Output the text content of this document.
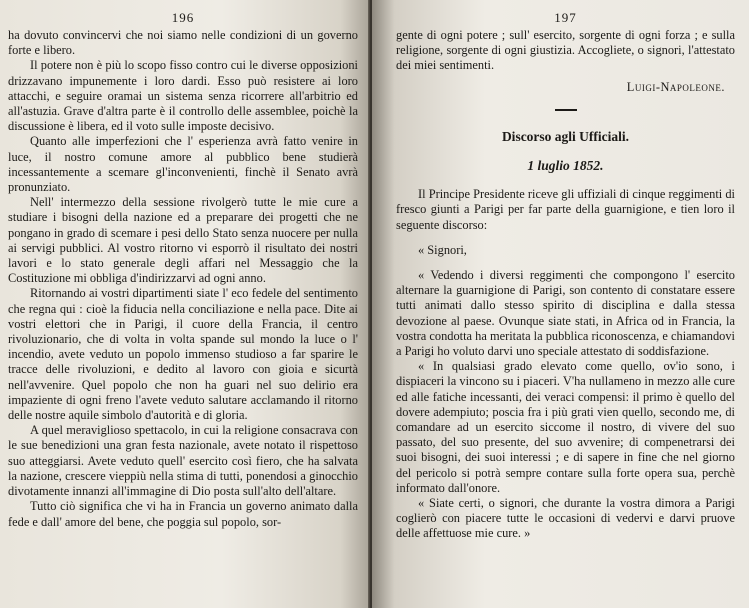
196

ha dovuto convincervi che noi siamo nelle condizioni di un governo forte e libero.

Il potere non è più lo scopo fisso contro cui le diverse opposizioni drizzavano impunemente i loro dardi. Esso può resistere ai loro attacchi, e seguire oramai un sistema senza ricorrere all'arbitrio ed all'astuzia. Grave d'altra parte è il controllo delle assemblee, poichè la discussione è libera, ed il voto sulle imposte decisivo.

Quanto alle imperfezioni che l' esperienza avrà fatto venire in luce, il nostro comune amore al pubblico bene studierà incessantemente a scemare gl'inconvenienti, finchè il Senato avrà pronunziato.

Nell' intermezzo della sessione rivolgerò tutte le mie cure a studiare i bisogni della nazione ed a preparare dei progetti che ne pongano in grado di scemare i pesi dello Stato senza nuocere per nulla ai servigi pubblici. Al vostro ritorno vi esporrò il risultato dei nostri lavori e lo stato generale degli affari nel Messaggio che la Costituzione mi obbliga d'indirizzarvi ad ogni anno.

Ritornando ai vostri dipartimenti siate l' eco fedele del sentimento che regna qui : cioè la fiducia nella conciliazione e nella pace. Dite ai vostri elettori che in Parigi, il cuore della Francia, il centro rivoluzionario, che di volta in volta spande sul mondo la luce o l' incendio, avete veduto un popolo immenso studioso a far sparire le tracce delle rivoluzioni, e dedito al lavoro con gioia e sicurtà nell'avvenire. Quel popolo che non ha guari nel suo delirio era impaziente di ogni freno l'avete veduto salutare acclamando il ritorno delle nostre aquile simbolo d'autorità e di gloria.

A quel meraviglioso spettacolo, in cui la religione consacrava con le sue benedizioni una gran festa nazionale, avete notato il rispettoso suo atteggiarsi. Avete veduto quell' esercito così fiero, che ha salvata la nazione, crescere vieppiù nella stima di tutti, ponendosi a ginocchio divotamente innanzi all'immagine di Dio posta sull'alto dell'altare.

Tutto ciò significa che vi ha in Francia un governo animato dalla fede e dall' amore del bene, che poggia sul popolo, sor-

197

gente di ogni potere ; sull' esercito, sorgente di ogni forza ; e sulla religione, sorgente di ogni giustizia. Accoglietе, o signori, l'attestato dei miei sentimenti.

Luigi-Napoleone.
Discorso agli Ufficiali.
1 luglio 1852.

Il Principe Presidente riceve gli uffiziali di cinque reggimenti di fresco giunti a Parigi per far parte della guarnigione, e tien loro il seguente discorso:

« Signori,

« Vedendo i diversi reggimenti che compongono l' esercito alternare la guarnigione di Parigi, son contento di constatare essere tutti animati dallo stesso spirito di disciplina e dalla stessa devozione al paese. Ovunque siate stati, in Africa od in Francia, la vostra condotta ha meritata la pubblica riconoscenza, e chiamandovi a Parigi ho voluto darvi uno speciale attestato di soddisfazione.

« In qualsiasi grado elevato come quello, ov'io sono, i dispiaceri la vincono su i piaceri. V'ha nullameno in mezzo alle cure ed alle fatiche incessanti, dei veraci compensi: il primo è quello del dovere adempiuto; poscia fra i più grati vien quello, secondo me, di comandare ad un esercito siccome il nostro, di vivere del suo passato, del suo presente, del suo avvenire; di compenetrarsi dei suoi bisogni, dei suoi interessi ; e di sapere in fine che nel giorno del pericolo si potrà sempre contare sulla forte opera sua, perchè informato dall'onore.

« Siate certi, o signori, che durante la vostra dimora a Parigi coglierò con piacere tutte le occasioni di vedervi e darvi pruove delle affettuose mie cure. »
